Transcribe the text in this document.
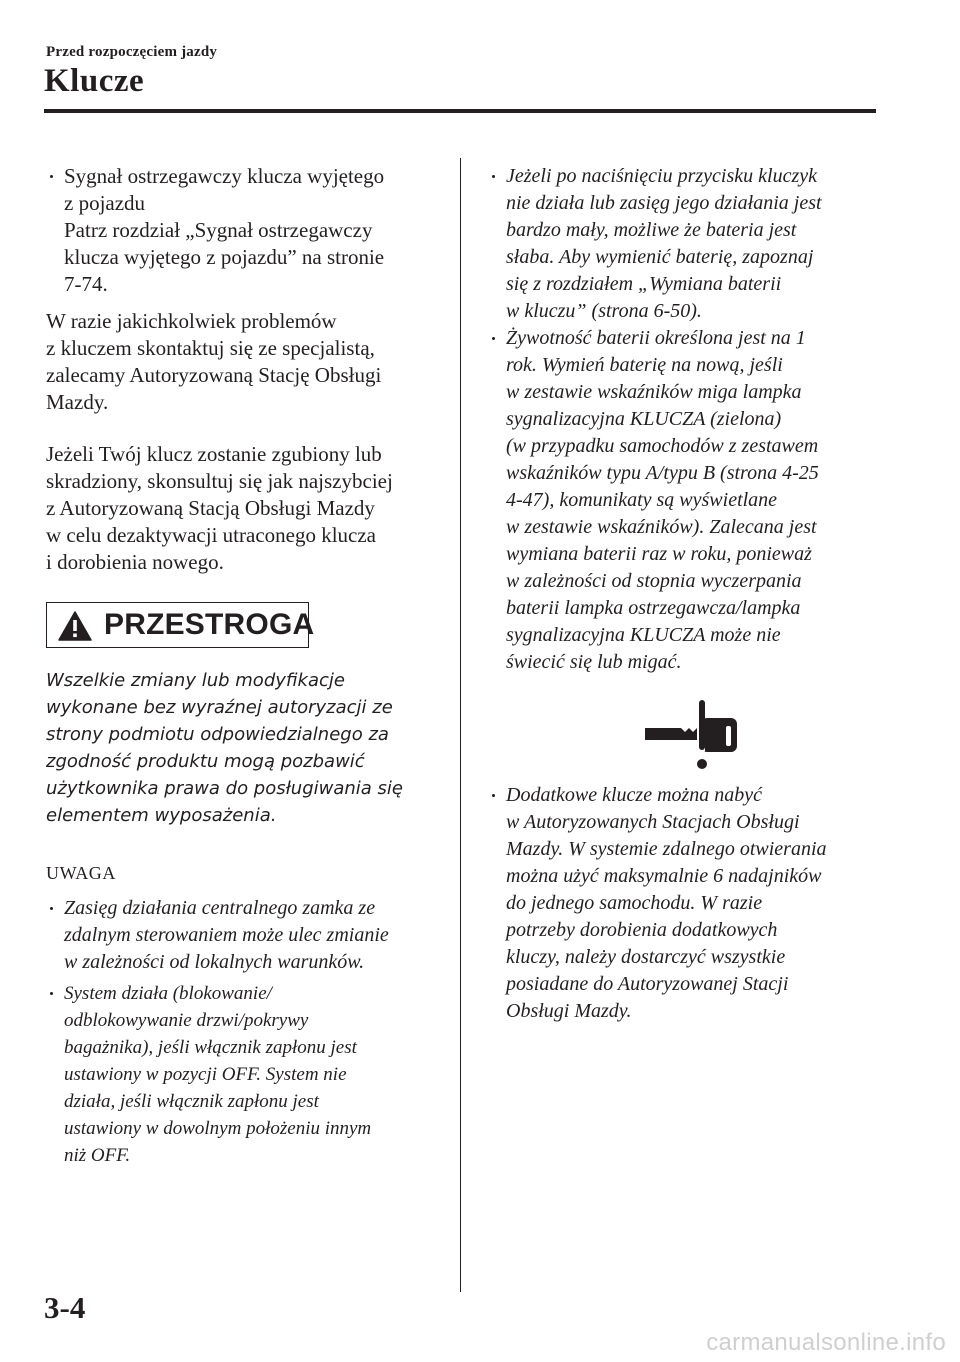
Przed rozpoczęciem jazdy
Klucze
Sygnał ostrzegawczy klucza wyjętego
z pojazdu
Patrz rozdział „Sygnał ostrzegawczy
klucza wyjętego z pojazdu” na stronie
7-74.
W razie jakichkolwiek problemów
z kluczem skontaktuj się ze specjalistą,
zalecamy Autoryzowaną Stację Obsługi
Mazdy.
Jeżeli Twój klucz zostanie zgubiony lub
skradziony, skonsultuj się jak najszybciej
z Autoryzowaną Stacją Obsługi Mazdy
w celu dezaktywacji utraconego klucza
i dorobienia nowego.
PRZESTROGA
Wszelkie zmiany lub modyfikacje
wykonane bez wyraźnej autoryzacji ze
strony podmiotu odpowiedzialnego za
zgodność produktu mogą pozbawić
użytkownika prawa do posługiwania się
elementem wyposażenia.
UWAGA
Zasięg działania centralnego zamka ze
zdalnym sterowaniem może ulec zmianie
w zależności od lokalnych warunków.
System działa (blokowanie/
odblokowywanie drzwi/pokrywy
bagażnika), jeśli włącznik zapłonu jest
ustawiony w pozycji OFF. System nie
działa, jeśli włącznik zapłonu jest
ustawiony w dowolnym położeniu innym
niż OFF.
Jeżeli po naciśnięciu przycisku kluczyk
nie działa lub zasięg jego działania jest
bardzo mały, możliwe że bateria jest
słaba. Aby wymienić baterię, zapoznaj
się z rozdziałem „Wymiana baterii
w kluczu” (strona 6-50).
Żywotność baterii określona jest na 1
rok. Wymień baterię na nową, jeśli
w zestawie wskaźników miga lampka
sygnalizacyjna KLUCZA (zielona)
(w przypadku samochodów z zestawem
wskaźników typu A/typu B (strona 4-25
4-47), komunikaty są wyświetlane
w zestawie wskaźników). Zalecana jest
wymiana baterii raz w roku, ponieważ
w zależności od stopnia wyczerpania
baterii lampka ostrzegawcza/lampka
sygnalizacyjna KLUCZA może nie
świecić się lub migać.
Dodatkowe klucze można nabyć
w Autoryzowanych Stacjach Obsługi
Mazdy. W systemie zdalnego otwierania
można użyć maksymalnie 6 nadajników
do jednego samochodu. W razie
potrzeby dorobienia dodatkowych
kluczy, należy dostarczyć wszystkie
posiadane do Autoryzowanej Stacji
Obsługi Mazdy.
3-4
carmanualsonline.info
